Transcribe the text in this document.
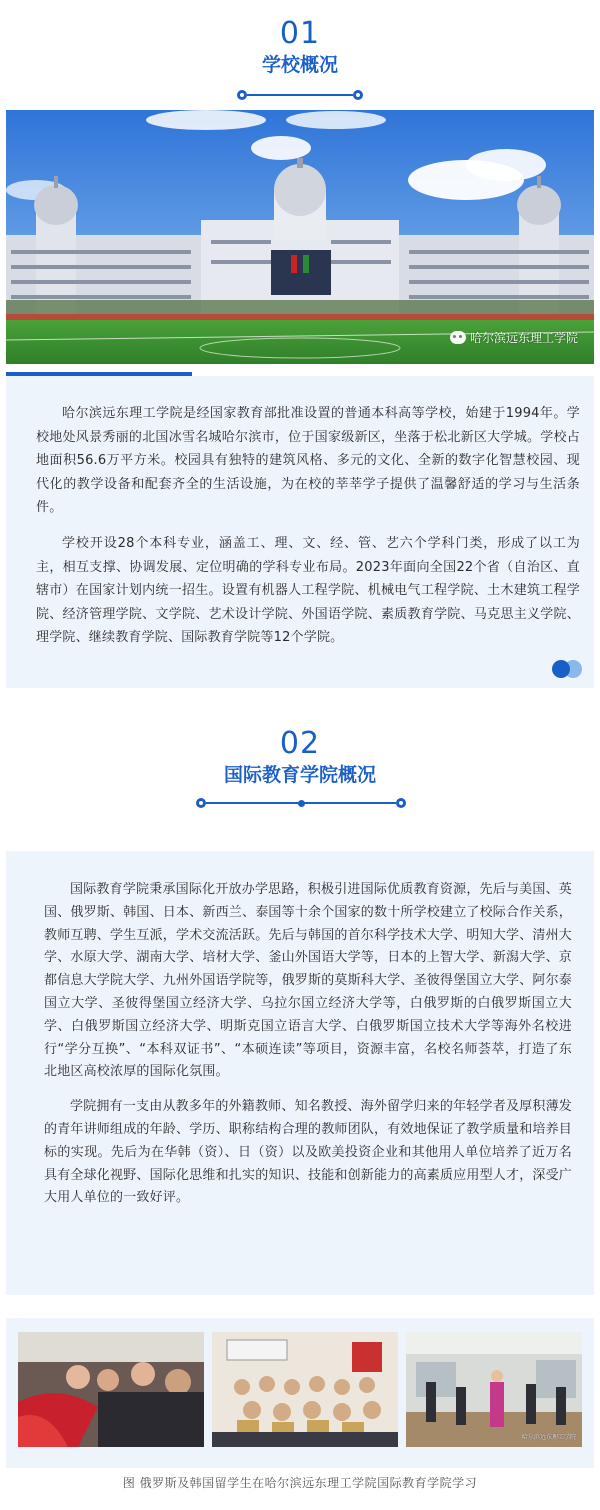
01
学校概况
哈尔滨远东理工学院

哈尔滨远东理工学院是经国家教育部批准设置的普通本科高等学校，始建于1994年。学校地处风景秀丽的北国冰雪名城哈尔滨市，位于国家级新区，坐落于松北新区大学城。学校占地面积56.6万平方米。校园具有独特的建筑风格、多元的文化、全新的数字化智慧校园、现代化的教学设备和配套齐全的生活设施，为在校的莘莘学子提供了温馨舒适的学习与生活条件。

学校开设28个本科专业，涵盖工、理、文、经、管、艺六个学科门类，形成了以工为主，相互支撑、协调发展、定位明确的学科专业布局。2023年面向全国22个省（自治区、直辖市）在国家计划内统一招生。设置有机器人工程学院、机械电气工程学院、土木建筑工程学院、经济管理学院、文学院、艺术设计学院、外国语学院、素质教育学院、马克思主义学院、理学院、继续教育学院、国际教育学院等12个学院。

02
国际教育学院概况

国际教育学院秉承国际化开放办学思路，积极引进国际优质教育资源，先后与美国、英国、俄罗斯、韩国、日本、新西兰、泰国等十余个国家的数十所学校建立了校际合作关系，教师互聘、学生互派，学术交流活跃。先后与韩国的首尔科学技术大学、明知大学、清州大学、水原大学、湖南大学、培材大学、釜山外国语大学等，日本的上智大学、新潟大学、京都信息大学院大学、九州外国语学院等，俄罗斯的莫斯科大学、圣彼得堡国立大学、阿尔泰国立大学、圣彼得堡国立经济大学、乌拉尔国立经济大学等，白俄罗斯的白俄罗斯国立大学、白俄罗斯国立经济大学、明斯克国立语言大学、白俄罗斯国立技术大学等海外名校进行“学分互换”、“本科双证书”、“本硕连读”等项目，资源丰富，名校名师荟萃，打造了东北地区高校浓厚的国际化氛围。

学院拥有一支由从教多年的外籍教师、知名教授、海外留学归来的年轻学者及厚积薄发的青年讲师组成的年龄、学历、职称结构合理的教师团队，有效地保证了教学质量和培养目标的实现。先后为在华韩（资）、日（资）以及欧美投资企业和其他用人单位培养了近万名具有全球化视野、国际化思维和扎实的知识、技能和创新能力的高素质应用型人才，深受广大用人单位的一致好评。

哈尔滨远东理工学院
图 俄罗斯及韩国留学生在哈尔滨远东理工学院国际教育学院学习
